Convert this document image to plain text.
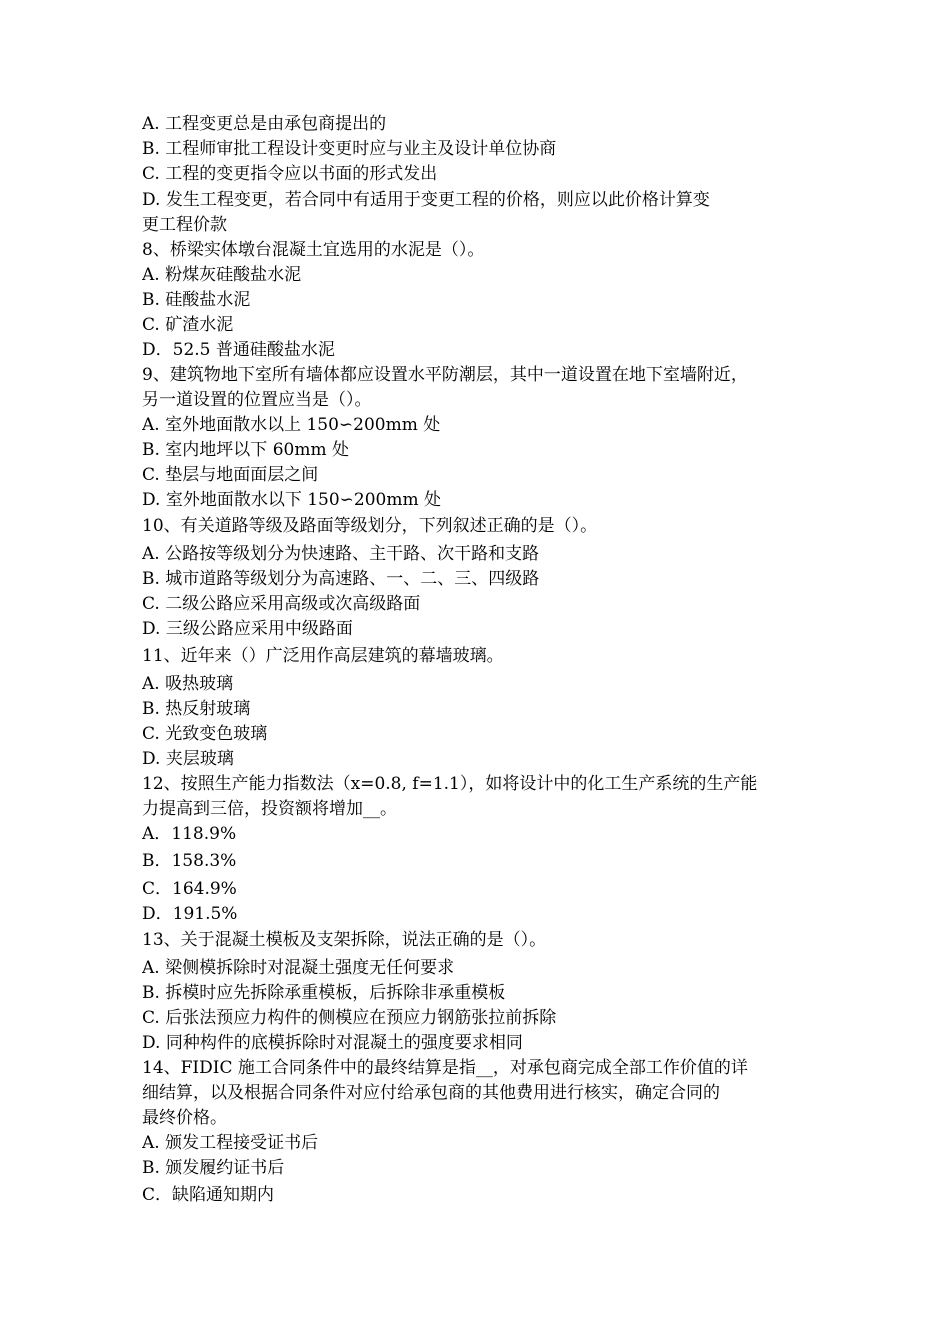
A. 工程变更总是由承包商提出的
B. 工程师审批工程设计变更时应与业主及设计单位协商
C. 工程的变更指令应以书面的形式发出
D. 发生工程变更，若合同中有适用于变更工程的价格，则应以此价格计算变
更工程价款
8、桥梁实体墩台混凝土宜选用的水泥是（）。
A. 粉煤灰硅酸盐水泥
B. 硅酸盐水泥
C. 矿渣水泥
D．52.5 普通硅酸盐水泥
9、建筑物地下室所有墙体都应设置水平防潮层，其中一道设置在地下室墙附近，
另一道设置的位置应当是（）。
A. 室外地面散水以上 150∽200mm 处
B. 室内地坪以下 60mm 处
C. 垫层与地面面层之间
D. 室外地面散水以下 150∽200mm 处
10、有关道路等级及路面等级划分，下列叙述正确的是（）。
A. 公路按等级划分为快速路、主干路、次干路和支路
B. 城市道路等级划分为高速路、一、二、三、四级路
C. 二级公路应采用高级或次高级路面
D. 三级公路应采用中级路面
11、近年来（）广泛用作高层建筑的幕墙玻璃。
A. 吸热玻璃
B. 热反射玻璃
C. 光致变色玻璃
D. 夹层玻璃
12、按照生产能力指数法（x=0.8, f=1.1），如将设计中的化工生产系统的生产能
力提高到三倍，投资额将增加__。
A．118.9%
B．158.3%
C．164.9%
D．191.5%
13、关于混凝土模板及支架拆除，说法正确的是（）。
A. 梁侧模拆除时对混凝土强度无任何要求
B. 拆模时应先拆除承重模板，后拆除非承重模板
C. 后张法预应力构件的侧模应在预应力钢筋张拉前拆除
D. 同种构件的底模拆除时对混凝土的强度要求相同
14、FIDIC 施工合同条件中的最终结算是指__，对承包商完成全部工作价值的详
细结算，以及根据合同条件对应付给承包商的其他费用进行核实，确定合同的
最终价格。
A. 颁发工程接受证书后
B. 颁发履约证书后
C．缺陷通知期内
